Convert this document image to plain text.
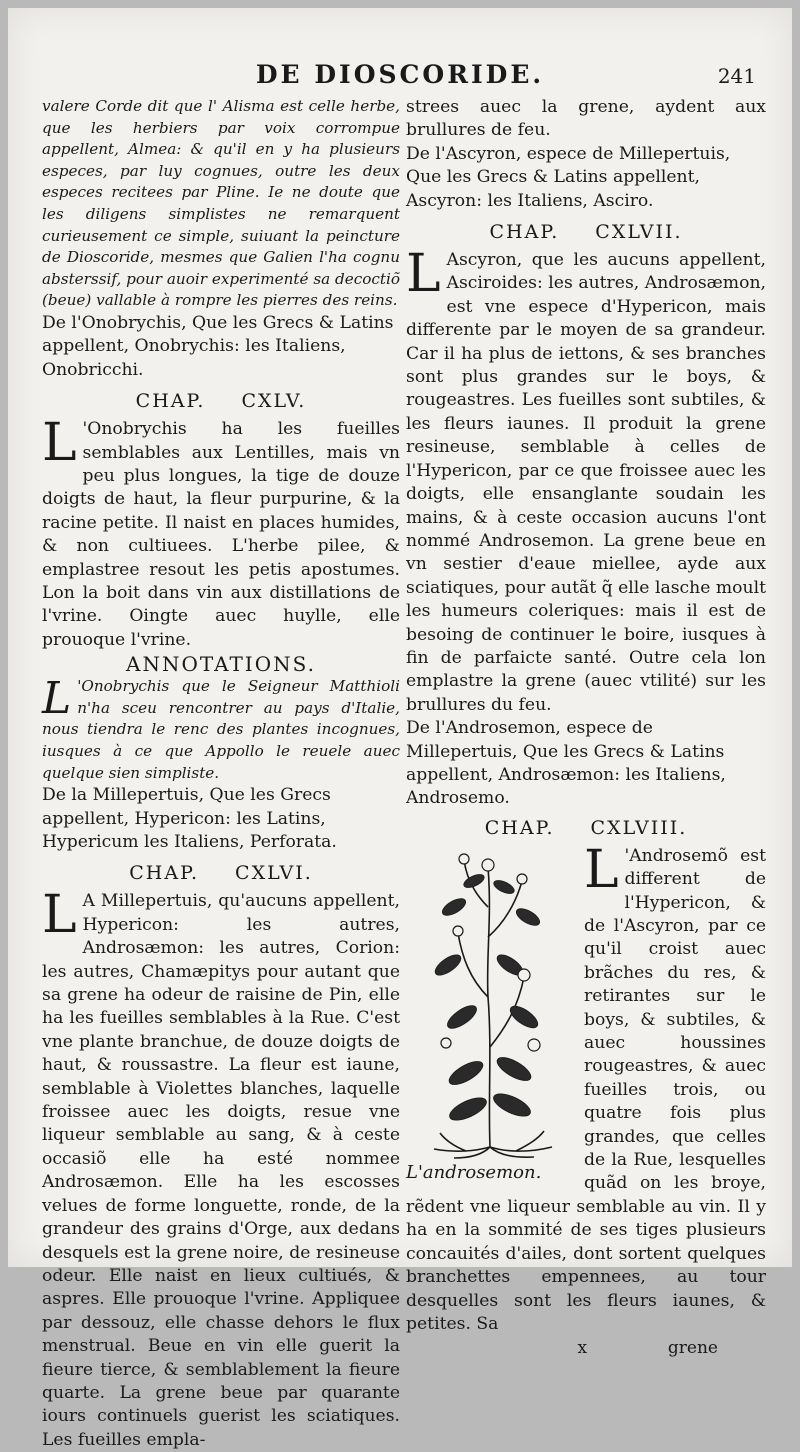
DE DIOSCORIDE.	241

valere Corde dit que l' Alisma est celle herbe, que les herbiers par voix corrompue appellent, Almea: & qu'il en y ha plusieurs especes, par luy cognues, outre les deux especes recitees par Pline. Ie ne doute que les diligens simplistes ne remarquent curieusement ce simple, suiuant la peincture de Dioscoride, mesmes que Galien l'ha cognu absterssif, pour auoir experimenté sa decoctiõ (beue) vallable à rompre les pierres des reins.

De l'Onobrychis, Que les Grecs & Latins appellent, Onobrychis: les Italiens, Onobricchi.

CHAP. CXLV.

L 'Onobrychis ha les fueilles semblables aux Lentilles, mais vn peu plus longues, la tige de douze doigts de haut, la fleur purpurine, & la racine petite. Il naist en places humides, & non cultiuees. L'herbe pilee, & emplastree resout les petis apostumes. Lon la boit dans vin aux distillations de l'vrine. Oingte auec huylle, elle prouoque l'vrine.

ANNOTATIONS.

L 'Onobrychis que le Seigneur Matthioli n'ha sceu rencontrer au pays d'Italie, nous tiendra le renc des plantes incognues, iusques à ce que Appollo le reuele auec quelque sien simpliste.

De la Millepertuis, Que les Grecs appellent, Hypericon: les Latins, Hypericum les Italiens, Perforata.

CHAP. CXLVI.

L A Millepertuis, qu'aucuns appellent, Hypericon: les autres, Androsæmon: les autres, Corion: les autres, Chamæpitys pour autant que sa grene ha odeur de raisine de Pin, elle ha les fueilles semblables à la Rue. C'est vne plante branchue, de douze doigts de haut, & roussastre. La fleur est iaune, semblable à Violettes blanches, laquelle froissee auec les doigts, resue vne liqueur semblable au sang, & à ceste occasiõ elle ha esté nommee Androsæmon. Elle ha les escosses velues de forme longuette, ronde, de la grandeur des grains d'Orge, aux dedans desquels est la grene noire, de resineuse odeur. Elle naist en lieux cultiués, & aspres. Elle prouoque l'vrine. Appliquee par dessouz, elle chasse dehors le flux menstrual. Beue en vin elle guerit la fieure tierce, & semblablement la fieure quarte. La grene beue par quarante iours continuels guerist les sciatiques. Les fueilles empla-

strees auec la grene, aydent aux brullures de feu.

De l'Ascyron, espece de Millepertuis, Que les Grecs & Latins appellent, Ascyron: les Italiens, Asciro.

CHAP. CXLVII.

L Ascyron, que les aucuns appellent, Asciroides: les autres, Androsæmon, est vne espece d'Hypericon, mais differente par le moyen de sa grandeur. Car il ha plus de iettons, & ses branches sont plus grandes sur le boys, & rougeastres. Les fueilles sont subtiles, & les fleurs iaunes. Il produit la grene resineuse, semblable à celles de l'Hypericon, par ce que froissee auec les doigts, elle ensanglante soudain les mains, & à ceste occasion aucuns l'ont nommé Androsemon. La grene beue en vn sestier d'eaue miellee, ayde aux sciatiques, pour autãt q̃ elle lasche moult les humeurs coleriques: mais il est de besoing de continuer le boire, iusques à fin de parfaicte santé. Outre cela lon emplastre la grene (auec vtilité) sur les brullures du feu.

De l'Androsemon, espece de Millepertuis, Que les Grecs & Latins appellent, Androsæmon: les Italiens, Androsemo.

CHAP. CXLVIII.
L'androsemon.

L 'Androsemõ est different de l'Hypericon, & de l'Ascyron, par ce qu'il croist auec brãches du res, & retirantes sur le boys, & subtiles, & auec houssines rougeastres, & auec fueilles trois, ou quatre fois plus grandes, que celles de la Rue, lesquelles quãd on les broye, rẽdent vne liqueur semblable au vin. Il y ha en la sommité de ses tiges plusieurs concauités d'ailes, dont sortent quelques branchettes empennees, au tour desquelles sont les fleurs iaunes, & petites. Sa

x	grene
